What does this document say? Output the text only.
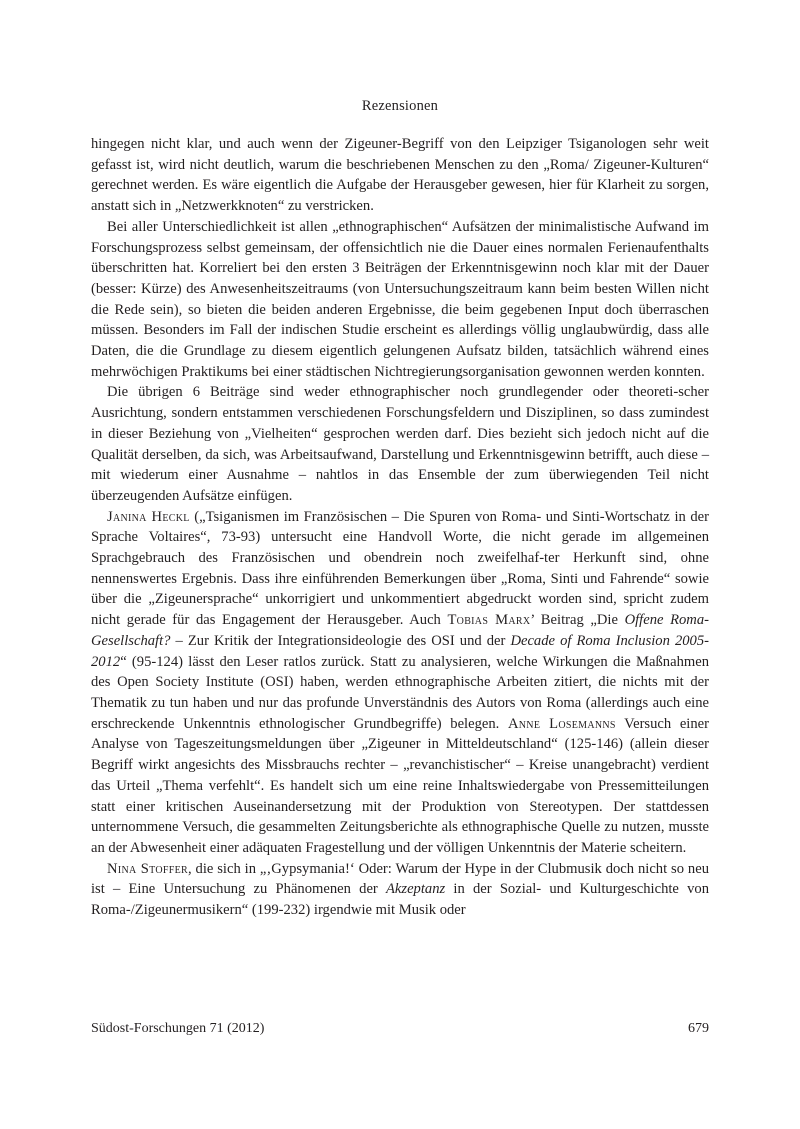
Rezensionen

hingegen nicht klar, und auch wenn der Zigeuner-Begriff von den Leipziger Tsiganologen sehr weit gefasst ist, wird nicht deutlich, warum die beschriebenen Menschen zu den „Roma/ Zigeuner-Kulturen“ gerechnet werden. Es wäre eigentlich die Aufgabe der Herausgeber gewesen, hier für Klarheit zu sorgen, anstatt sich in „Netzwerkknoten“ zu verstricken.

Bei aller Unterschiedlichkeit ist allen „ethnographischen“ Aufsätzen der minimalistische Aufwand im Forschungsprozess selbst gemeinsam, der offensichtlich nie die Dauer eines normalen Ferienaufenthalts überschritten hat. Korreliert bei den ersten 3 Beiträgen der Erkenntnisgewinn noch klar mit der Dauer (besser: Kürze) des Anwesenheitszeitraums (von Untersuchungszeitraum kann beim besten Willen nicht die Rede sein), so bieten die beiden anderen Ergebnisse, die beim gegebenen Input doch überraschen müssen. Besonders im Fall der indischen Studie erscheint es allerdings völlig unglaubwürdig, dass alle Daten, die die Grundlage zu diesem eigentlich gelungenen Aufsatz bilden, tatsächlich während eines mehrwöchigen Praktikums bei einer städtischen Nichtregierungsorganisation gewonnen werden konnten.

Die übrigen 6 Beiträge sind weder ethnographischer noch grundlegender oder theoreti-scher Ausrichtung, sondern entstammen verschiedenen Forschungsfeldern und Disziplinen, so dass zumindest in dieser Beziehung von „Vielheiten“ gesprochen werden darf. Dies bezieht sich jedoch nicht auf die Qualität derselben, da sich, was Arbeitsaufwand, Darstellung und Erkenntnisgewinn betrifft, auch diese – mit wiederum einer Ausnahme – nahtlos in das Ensemble der zum überwiegenden Teil nicht überzeugenden Aufsätze einfügen.

Janina Heckl („Tsiganismen im Französischen – Die Spuren von Roma- und Sinti-Wortschatz in der Sprache Voltaires“, 73-93) untersucht eine Handvoll Worte, die nicht gerade im allgemeinen Sprachgebrauch des Französischen und obendrein noch zweifelhaf-ter Herkunft sind, ohne nennenswertes Ergebnis. Dass ihre einführenden Bemerkungen über „Roma, Sinti und Fahrende“ sowie über die „Zigeunersprache“ unkorrigiert und unkommentiert abgedruckt worden sind, spricht zudem nicht gerade für das Engagement der Herausgeber. Auch Tobias Marx’ Beitrag „Die Offene Roma-Gesellschaft? – Zur Kritik der Integrationsideologie des OSI und der Decade of Roma Inclusion 2005-2012“ (95-124) lässt den Leser ratlos zurück. Statt zu analysieren, welche Wirkungen die Maßnahmen des Open Society Institute (OSI) haben, werden ethnographische Arbeiten zitiert, die nichts mit der Thematik zu tun haben und nur das profunde Unverständnis des Autors von Roma (allerdings auch eine erschreckende Unkenntnis ethnologischer Grundbegriffe) belegen. Anne Losemanns Versuch einer Analyse von Tageszeitungsmeldungen über „Zigeuner in Mitteldeutschland“ (125-146) (allein dieser Begriff wirkt angesichts des Missbrauchs rechter – „revanchistischer“ – Kreise unangebracht) verdient das Urteil „Thema verfehlt“. Es handelt sich um eine reine Inhaltswiedergabe von Pressemitteilungen statt einer kritischen Auseinandersetzung mit der Produktion von Stereotypen. Der stattdessen unternommene Versuch, die gesammelten Zeitungsberichte als ethnographische Quelle zu nutzen, musste an der Abwesenheit einer adäquaten Fragestellung und der völligen Unkenntnis der Materie scheitern.

Nina Stoffer, die sich in „‚Gypsymania!‘ Oder: Warum der Hype in der Clubmusik doch nicht so neu ist – Eine Untersuchung zu Phänomenen der Akzeptanz in der Sozial- und Kulturgeschichte von Roma-/Zigeunermusikern“ (199-232) irgendwie mit Musik oder

Südost-Forschungen 71 (2012)	679
